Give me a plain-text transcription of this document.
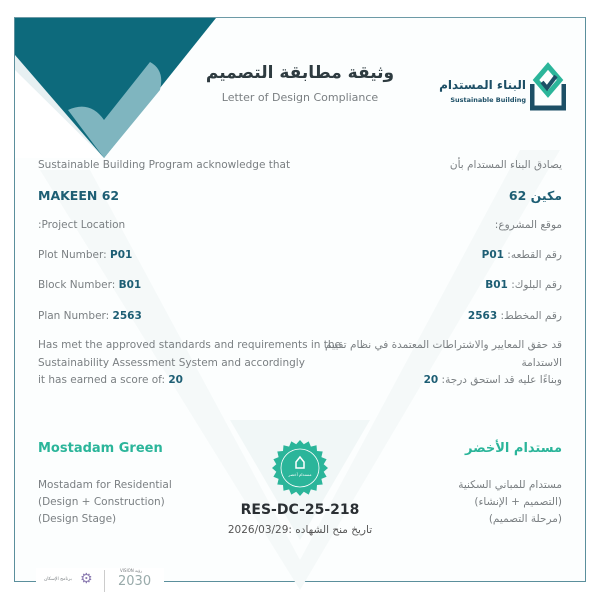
البناء المستدام
Sustainable Building
وثيقة مطابقة التصميم
Letter of Design Compliance
Sustainable Building Program acknowledge that	يصادق البناء المستدام بأن
MAKEEN 62	مكين 62
:Project Location	موقع المشروع:
Plot Number: P01	رقم القطعه: P01
Block Number: B01	رقم البلوك: B01
Plan Number: 2563	رقم المخطط: 2563
Has met the approved standards and requirements in the
Sustainability Assessment System and accordingly
it has earned a score of: 20
قد حقق المعايير والاشتراطات المعتمدة في نظام تقييم
الاستدامة
وبناءًا عليه قد استحق درجة: 20
Mostadam Green	مستدام الأخضر
Mostadam for Residential
(Design + Construction)
(Design Stage)
مستدام للمباني السكنية
(التصميم + الإنشاء)
(مرحلة التصميم)
مستدام أخضر
RES-DC-25-218
تاريخ منح الشهاده :2026/03/29
برنامج الإسكان ⚙
VISION رؤية
2030
